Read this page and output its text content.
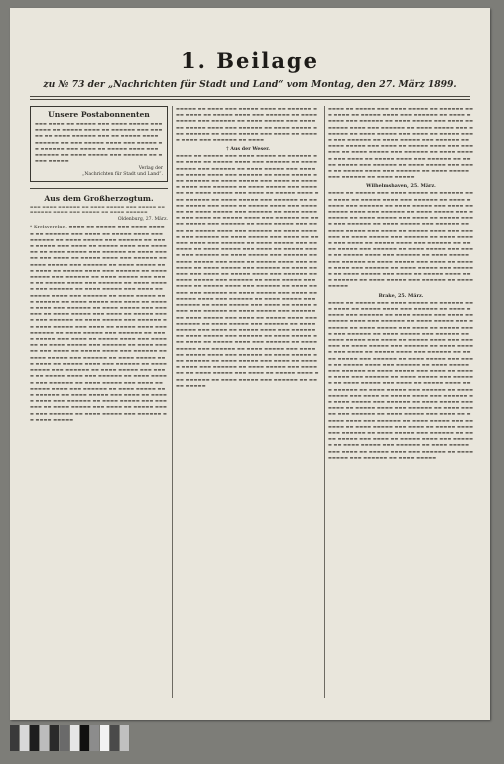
1. Beilage
zu № 73 der „Nachrichten für Stadt und Land“ vom Montag, den 27. März 1899.
Unsere Postabonnenten
▬▬▬ ▬▬▬▬ ▬▬ ▬▬▬▬▬ ▬▬▬ ▬▬▬▬ ▬▬▬▬▬ ▬▬▬ ▬▬▬▬ ▬▬ ▬▬▬▬▬ ▬▬▬▬ ▬▬ ▬▬▬▬▬▬ ▬▬▬ ▬▬▬▬▬ ▬▬ ▬▬▬▬ ▬▬▬▬▬▬ ▬▬▬ ▬▬ ▬▬▬▬▬ ▬▬▬▬ ▬▬▬▬▬▬ ▬▬ ▬▬▬ ▬▬▬▬▬ ▬▬▬▬ ▬▬▬ ▬▬▬▬▬ ▬▬ ▬▬▬▬▬▬ ▬▬▬ ▬▬▬▬ ▬▬ ▬▬▬▬▬ ▬▬▬▬ ▬▬▬ ▬▬▬▬▬▬ ▬▬ ▬▬▬▬ ▬▬▬▬▬ ▬▬▬ ▬▬▬▬▬▬ ▬▬ ▬▬▬▬ ▬▬▬▬▬
Verlag der
„Nachrichten für Stadt und Land“.
Aus dem Großherzogtum.
▬▬▬ ▬▬▬▬ ▬▬▬▬▬▬ ▬▬ ▬▬▬▬ ▬▬▬▬▬ ▬▬▬ ▬▬▬▬▬ ▬▬ ▬▬▬▬▬▬ ▬▬▬▬ ▬▬▬ ▬▬▬▬▬ ▬▬ ▬▬▬▬ ▬▬▬▬▬▬
Oldenburg, 27. März.
* Kreisvereine. ▬▬▬▬ ▬▬ ▬▬▬▬▬ ▬▬▬ ▬▬▬▬ ▬▬▬▬▬ ▬▬ ▬▬▬▬▬▬ ▬▬▬ ▬▬▬▬ ▬▬ ▬▬▬▬▬ ▬▬▬▬ ▬▬▬ ▬▬▬▬▬▬ ▬▬ ▬▬▬▬ ▬▬▬▬▬ ▬▬▬ ▬▬▬▬▬▬ ▬▬ ▬▬▬▬ ▬▬▬▬▬ ▬▬▬ ▬▬▬▬ ▬▬ ▬▬▬▬▬ ▬▬▬▬ ▬▬▬ ▬▬▬▬▬▬ ▬▬ ▬▬▬▬ ▬▬▬▬▬ ▬▬▬ ▬▬▬▬▬▬ ▬▬ ▬▬▬▬ ▬▬▬▬▬ ▬▬▬ ▬▬▬▬ ▬▬ ▬▬▬▬▬ ▬▬▬▬ ▬▬▬ ▬▬▬▬▬▬ ▬▬ ▬▬▬▬ ▬▬▬▬▬ ▬▬▬ ▬▬▬▬▬▬ ▬▬ ▬▬▬▬ ▬▬▬▬▬ ▬▬▬ ▬▬▬▬ ▬▬ ▬▬▬▬▬ ▬▬▬▬ ▬▬▬ ▬▬▬▬▬▬ ▬▬ ▬▬▬▬ ▬▬▬▬▬ ▬▬▬ ▬▬▬▬▬▬ ▬▬ ▬▬▬▬ ▬▬▬▬▬ ▬▬▬ ▬▬▬▬ ▬▬ ▬▬▬▬▬ ▬▬▬▬ ▬▬▬ ▬▬▬▬▬▬ ▬▬ ▬▬▬▬ ▬▬▬▬▬ ▬▬▬ ▬▬▬▬▬▬ ▬▬ ▬▬▬▬ ▬▬▬▬▬ ▬▬▬ ▬▬▬▬ ▬▬ ▬▬▬▬▬ ▬▬▬▬ ▬▬▬ ▬▬▬▬▬▬ ▬▬ ▬▬▬▬ ▬▬▬▬▬ ▬▬▬ ▬▬▬▬▬▬ ▬▬ ▬▬▬▬ ▬▬▬▬▬ ▬▬▬ ▬▬▬▬ ▬▬ ▬▬▬▬▬ ▬▬▬▬ ▬▬▬ ▬▬▬▬▬▬ ▬▬ ▬▬▬▬ ▬▬▬▬▬ ▬▬▬ ▬▬▬▬▬▬ ▬▬ ▬▬▬▬ ▬▬▬▬▬ ▬▬▬ ▬▬▬▬ ▬▬ ▬▬▬▬▬ ▬▬▬▬ ▬▬▬ ▬▬▬▬▬▬ ▬▬ ▬▬▬▬ ▬▬▬▬▬ ▬▬▬ ▬▬▬▬▬▬ ▬▬ ▬▬▬▬ ▬▬▬▬▬ ▬▬▬ ▬▬▬▬ ▬▬ ▬▬▬▬▬ ▬▬▬▬ ▬▬▬ ▬▬▬▬▬▬ ▬▬ ▬▬▬▬ ▬▬▬▬▬ ▬▬▬ ▬▬▬▬▬▬ ▬▬ ▬▬▬▬ ▬▬▬▬▬ ▬▬▬ ▬▬▬▬ ▬▬ ▬▬▬▬▬ ▬▬▬▬ ▬▬▬ ▬▬▬▬▬▬ ▬▬ ▬▬▬▬ ▬▬▬▬▬ ▬▬▬ ▬▬▬▬▬▬ ▬▬ ▬▬▬▬ ▬▬▬▬▬ ▬▬▬ ▬▬▬▬ ▬▬ ▬▬▬▬▬ ▬▬▬▬ ▬▬▬ ▬▬▬▬▬▬ ▬▬ ▬▬▬▬ ▬▬▬▬▬ ▬▬▬ ▬▬▬▬▬▬ ▬▬ ▬▬▬▬ ▬▬▬▬▬ ▬▬▬ ▬▬▬▬ ▬▬ ▬▬▬▬▬ ▬▬▬▬ ▬▬▬ ▬▬▬▬▬▬ ▬▬ ▬▬▬▬ ▬▬▬▬▬ ▬▬▬ ▬▬▬▬▬▬ ▬▬ ▬▬▬▬ ▬▬▬▬▬ ▬▬▬ ▬▬▬▬ ▬▬ ▬▬▬▬▬ ▬▬▬▬ ▬▬▬ ▬▬▬▬▬▬ ▬▬ ▬▬▬▬ ▬▬▬▬▬ ▬▬▬ ▬▬▬▬▬▬ ▬▬ ▬▬▬▬ ▬▬▬▬▬ ▬▬▬ ▬▬▬▬ ▬▬ ▬▬▬▬▬ ▬▬▬▬ ▬▬▬ ▬▬▬▬▬▬ ▬▬ ▬▬▬▬ ▬▬▬▬▬ ▬▬▬ ▬▬▬▬▬▬ ▬▬ ▬▬▬▬ ▬▬▬▬▬ ▬▬▬ ▬▬▬▬ ▬▬ ▬▬▬▬▬ ▬▬▬▬ ▬▬▬ ▬▬▬▬▬▬ ▬▬ ▬▬▬▬ ▬▬▬▬▬ ▬▬▬ ▬▬▬▬▬▬ ▬▬ ▬▬▬▬ ▬▬▬▬▬ ▬▬▬ ▬▬▬▬ ▬▬ ▬▬▬▬▬ ▬▬▬▬ ▬▬▬ ▬▬▬▬▬▬ ▬▬ ▬▬▬▬ ▬▬▬▬▬ ▬▬▬ ▬▬▬▬▬▬ ▬▬ ▬▬▬▬ ▬▬▬▬▬
▬▬▬▬▬ ▬▬ ▬▬▬▬ ▬▬▬ ▬▬▬▬▬ ▬▬▬▬ ▬▬ ▬▬▬▬▬▬ ▬▬▬ ▬▬▬▬ ▬▬ ▬▬▬▬▬ ▬▬▬▬ ▬▬▬ ▬▬▬▬▬▬ ▬▬ ▬▬▬▬ ▬▬▬▬▬ ▬▬▬ ▬▬▬▬▬▬ ▬▬ ▬▬▬▬ ▬▬▬▬▬ ▬▬▬ ▬▬▬▬ ▬▬ ▬▬▬▬▬ ▬▬▬▬ ▬▬▬ ▬▬▬▬▬▬ ▬▬ ▬▬▬▬ ▬▬▬▬▬ ▬▬▬ ▬▬▬▬▬▬ ▬▬ ▬▬▬▬ ▬▬▬▬▬ ▬▬▬ ▬▬▬▬ ▬▬ ▬▬▬▬▬ ▬▬▬▬ ▬▬▬ ▬▬▬▬▬▬ ▬▬ ▬▬▬▬
† Aus der Weser.
▬▬▬▬ ▬▬ ▬▬▬▬▬ ▬▬▬ ▬▬▬▬ ▬▬▬▬▬ ▬▬ ▬▬▬▬▬▬ ▬▬▬ ▬▬▬▬ ▬▬ ▬▬▬▬▬ ▬▬▬▬ ▬▬▬ ▬▬▬▬▬▬ ▬▬ ▬▬▬▬ ▬▬▬▬▬ ▬▬▬ ▬▬▬▬▬▬ ▬▬ ▬▬▬▬ ▬▬▬▬▬ ▬▬▬ ▬▬▬▬ ▬▬ ▬▬▬▬▬ ▬▬▬▬ ▬▬▬ ▬▬▬▬▬▬ ▬▬ ▬▬▬▬ ▬▬▬▬▬ ▬▬▬ ▬▬▬▬▬▬ ▬▬ ▬▬▬▬ ▬▬▬▬▬ ▬▬▬ ▬▬▬▬ ▬▬ ▬▬▬▬▬ ▬▬▬▬ ▬▬▬ ▬▬▬▬▬▬ ▬▬ ▬▬▬▬ ▬▬▬▬▬ ▬▬▬ ▬▬▬▬▬▬ ▬▬ ▬▬▬▬ ▬▬▬▬▬ ▬▬▬ ▬▬▬▬ ▬▬ ▬▬▬▬▬ ▬▬▬▬ ▬▬▬ ▬▬▬▬▬▬ ▬▬ ▬▬▬▬ ▬▬▬▬▬ ▬▬▬ ▬▬▬▬▬▬ ▬▬ ▬▬▬▬ ▬▬▬▬▬ ▬▬▬ ▬▬▬▬ ▬▬ ▬▬▬▬▬ ▬▬▬▬ ▬▬▬ ▬▬▬▬▬▬ ▬▬ ▬▬▬▬ ▬▬▬▬▬ ▬▬▬ ▬▬▬▬▬▬ ▬▬ ▬▬▬▬ ▬▬▬▬▬ ▬▬▬ ▬▬▬▬ ▬▬ ▬▬▬▬▬ ▬▬▬▬ ▬▬▬ ▬▬▬▬▬▬ ▬▬ ▬▬▬▬ ▬▬▬▬▬ ▬▬▬ ▬▬▬▬▬▬ ▬▬ ▬▬▬▬ ▬▬▬▬▬ ▬▬▬ ▬▬▬▬ ▬▬ ▬▬▬▬▬ ▬▬▬▬ ▬▬▬ ▬▬▬▬▬▬ ▬▬ ▬▬▬▬ ▬▬▬▬▬ ▬▬▬ ▬▬▬▬▬▬ ▬▬ ▬▬▬▬ ▬▬▬▬▬ ▬▬▬ ▬▬▬▬ ▬▬ ▬▬▬▬▬ ▬▬▬▬ ▬▬▬ ▬▬▬▬▬▬ ▬▬ ▬▬▬▬ ▬▬▬▬▬ ▬▬▬ ▬▬▬▬▬▬ ▬▬ ▬▬▬▬ ▬▬▬▬▬ ▬▬▬ ▬▬▬▬ ▬▬ ▬▬▬▬▬ ▬▬▬▬ ▬▬▬ ▬▬▬▬▬▬ ▬▬ ▬▬▬▬ ▬▬▬▬▬ ▬▬▬ ▬▬▬▬▬▬ ▬▬ ▬▬▬▬ ▬▬▬▬▬ ▬▬▬ ▬▬▬▬ ▬▬ ▬▬▬▬▬ ▬▬▬▬ ▬▬▬ ▬▬▬▬▬▬ ▬▬ ▬▬▬▬ ▬▬▬▬▬ ▬▬▬ ▬▬▬▬▬▬ ▬▬ ▬▬▬▬ ▬▬▬▬▬ ▬▬▬ ▬▬▬▬ ▬▬ ▬▬▬▬▬ ▬▬▬▬ ▬▬▬ ▬▬▬▬▬▬ ▬▬ ▬▬▬▬ ▬▬▬▬▬ ▬▬▬ ▬▬▬▬▬▬ ▬▬ ▬▬▬▬ ▬▬▬▬▬ ▬▬▬ ▬▬▬▬ ▬▬ ▬▬▬▬▬ ▬▬▬▬ ▬▬▬ ▬▬▬▬▬▬ ▬▬ ▬▬▬▬ ▬▬▬▬▬ ▬▬▬ ▬▬▬▬▬▬ ▬▬ ▬▬▬▬ ▬▬▬▬▬ ▬▬▬ ▬▬▬▬ ▬▬ ▬▬▬▬▬ ▬▬▬▬ ▬▬▬ ▬▬▬▬▬▬ ▬▬ ▬▬▬▬ ▬▬▬▬▬ ▬▬▬ ▬▬▬▬▬▬ ▬▬ ▬▬▬▬ ▬▬▬▬▬ ▬▬▬ ▬▬▬▬ ▬▬ ▬▬▬▬▬ ▬▬▬▬ ▬▬▬ ▬▬▬▬▬▬ ▬▬ ▬▬▬▬ ▬▬▬▬▬ ▬▬▬ ▬▬▬▬▬▬ ▬▬ ▬▬▬▬ ▬▬▬▬▬ ▬▬▬ ▬▬▬▬ ▬▬ ▬▬▬▬▬ ▬▬▬▬ ▬▬▬ ▬▬▬▬▬▬ ▬▬ ▬▬▬▬ ▬▬▬▬▬ ▬▬▬ ▬▬▬▬▬▬ ▬▬ ▬▬▬▬ ▬▬▬▬▬ ▬▬▬ ▬▬▬▬ ▬▬ ▬▬▬▬▬ ▬▬▬▬ ▬▬▬ ▬▬▬▬▬▬ ▬▬ ▬▬▬▬ ▬▬▬▬▬ ▬▬▬ ▬▬▬▬▬▬ ▬▬ ▬▬▬▬ ▬▬▬▬▬ ▬▬▬ ▬▬▬▬ ▬▬ ▬▬▬▬▬ ▬▬▬▬ ▬▬▬ ▬▬▬▬▬▬ ▬▬ ▬▬▬▬ ▬▬▬▬▬ ▬▬▬ ▬▬▬▬▬▬ ▬▬ ▬▬▬▬ ▬▬▬▬▬ ▬▬▬ ▬▬▬▬ ▬▬ ▬▬▬▬▬ ▬▬▬▬ ▬▬▬ ▬▬▬▬▬▬ ▬▬ ▬▬▬▬ ▬▬▬▬▬ ▬▬▬ ▬▬▬▬▬▬ ▬▬ ▬▬▬▬ ▬▬▬▬▬ ▬▬▬ ▬▬▬▬ ▬▬ ▬▬▬▬▬ ▬▬▬▬ ▬▬▬ ▬▬▬▬▬▬ ▬▬ ▬▬▬▬ ▬▬▬▬▬ ▬▬▬ ▬▬▬▬▬▬ ▬▬ ▬▬▬▬ ▬▬▬▬▬ ▬▬▬ ▬▬▬▬ ▬▬ ▬▬▬▬▬ ▬▬▬▬ ▬▬▬ ▬▬▬▬▬▬ ▬▬ ▬▬▬▬ ▬▬▬▬▬ ▬▬▬ ▬▬▬▬▬▬ ▬▬ ▬▬▬▬ ▬▬▬▬▬
▬▬▬▬ ▬▬ ▬▬▬▬▬ ▬▬▬ ▬▬▬▬ ▬▬▬▬▬ ▬▬ ▬▬▬▬▬▬ ▬▬▬ ▬▬▬▬ ▬▬ ▬▬▬▬▬ ▬▬▬▬ ▬▬▬ ▬▬▬▬▬▬ ▬▬ ▬▬▬▬ ▬▬▬▬▬ ▬▬▬ ▬▬▬▬▬▬ ▬▬ ▬▬▬▬ ▬▬▬▬▬ ▬▬▬ ▬▬▬▬ ▬▬ ▬▬▬▬▬ ▬▬▬▬ ▬▬▬ ▬▬▬▬▬▬ ▬▬ ▬▬▬▬ ▬▬▬▬▬ ▬▬▬ ▬▬▬▬▬▬ ▬▬ ▬▬▬▬ ▬▬▬▬▬ ▬▬▬ ▬▬▬▬ ▬▬ ▬▬▬▬▬ ▬▬▬▬ ▬▬▬ ▬▬▬▬▬▬ ▬▬ ▬▬▬▬ ▬▬▬▬▬ ▬▬▬ ▬▬▬▬▬▬ ▬▬ ▬▬▬▬ ▬▬▬▬▬ ▬▬▬ ▬▬▬▬ ▬▬ ▬▬▬▬▬ ▬▬▬▬ ▬▬▬ ▬▬▬▬▬▬ ▬▬ ▬▬▬▬ ▬▬▬▬▬ ▬▬▬ ▬▬▬▬▬▬ ▬▬ ▬▬▬▬ ▬▬▬▬▬ ▬▬▬ ▬▬▬▬ ▬▬ ▬▬▬▬▬ ▬▬▬▬ ▬▬▬ ▬▬▬▬▬▬ ▬▬ ▬▬▬▬ ▬▬▬▬▬ ▬▬▬ ▬▬▬▬▬▬ ▬▬ ▬▬▬▬ ▬▬▬▬▬ ▬▬▬ ▬▬▬▬ ▬▬ ▬▬▬▬▬ ▬▬▬▬ ▬▬▬ ▬▬▬▬▬▬ ▬▬ ▬▬▬▬ ▬▬▬▬▬ ▬▬▬ ▬▬▬▬▬▬ ▬▬ ▬▬▬▬ ▬▬▬▬▬
Wilhelmshaven, 25. März.
▬▬▬▬ ▬▬ ▬▬▬▬▬ ▬▬▬ ▬▬▬▬ ▬▬▬▬▬ ▬▬ ▬▬▬▬▬▬ ▬▬▬ ▬▬▬▬ ▬▬ ▬▬▬▬▬ ▬▬▬▬ ▬▬▬ ▬▬▬▬▬▬ ▬▬ ▬▬▬▬ ▬▬▬▬▬ ▬▬▬ ▬▬▬▬▬▬ ▬▬ ▬▬▬▬ ▬▬▬▬▬ ▬▬▬ ▬▬▬▬ ▬▬ ▬▬▬▬▬ ▬▬▬▬ ▬▬▬ ▬▬▬▬▬▬ ▬▬ ▬▬▬▬ ▬▬▬▬▬ ▬▬▬ ▬▬▬▬▬▬ ▬▬ ▬▬▬▬ ▬▬▬▬▬ ▬▬▬ ▬▬▬▬ ▬▬ ▬▬▬▬▬ ▬▬▬▬ ▬▬▬ ▬▬▬▬▬▬ ▬▬ ▬▬▬▬ ▬▬▬▬▬ ▬▬▬ ▬▬▬▬▬▬ ▬▬ ▬▬▬▬ ▬▬▬▬▬ ▬▬▬ ▬▬▬▬ ▬▬ ▬▬▬▬▬ ▬▬▬▬ ▬▬▬ ▬▬▬▬▬▬ ▬▬ ▬▬▬▬ ▬▬▬▬▬ ▬▬▬ ▬▬▬▬▬▬ ▬▬ ▬▬▬▬ ▬▬▬▬▬ ▬▬▬ ▬▬▬▬ ▬▬ ▬▬▬▬▬ ▬▬▬▬ ▬▬▬ ▬▬▬▬▬▬ ▬▬ ▬▬▬▬ ▬▬▬▬▬ ▬▬▬ ▬▬▬▬▬▬ ▬▬ ▬▬▬▬ ▬▬▬▬▬ ▬▬▬ ▬▬▬▬ ▬▬ ▬▬▬▬▬ ▬▬▬▬ ▬▬▬ ▬▬▬▬▬▬ ▬▬ ▬▬▬▬ ▬▬▬▬▬ ▬▬▬ ▬▬▬▬▬▬ ▬▬ ▬▬▬▬ ▬▬▬▬▬ ▬▬▬ ▬▬▬▬ ▬▬ ▬▬▬▬▬ ▬▬▬▬ ▬▬▬ ▬▬▬▬▬▬ ▬▬ ▬▬▬▬ ▬▬▬▬▬ ▬▬▬ ▬▬▬▬▬▬ ▬▬ ▬▬▬▬ ▬▬▬▬▬ ▬▬▬ ▬▬▬▬ ▬▬ ▬▬▬▬▬ ▬▬▬▬ ▬▬▬ ▬▬▬▬▬▬ ▬▬ ▬▬▬▬ ▬▬▬▬▬ ▬▬▬ ▬▬▬▬▬▬ ▬▬ ▬▬▬▬ ▬▬▬▬▬
Brake, 25. März.
▬▬▬▬ ▬▬ ▬▬▬▬▬ ▬▬▬ ▬▬▬▬ ▬▬▬▬▬ ▬▬ ▬▬▬▬▬▬ ▬▬▬ ▬▬▬▬ ▬▬ ▬▬▬▬▬ ▬▬▬▬ ▬▬▬ ▬▬▬▬▬▬ ▬▬ ▬▬▬▬ ▬▬▬▬▬ ▬▬▬ ▬▬▬▬▬▬ ▬▬ ▬▬▬▬ ▬▬▬▬▬ ▬▬▬ ▬▬▬▬ ▬▬ ▬▬▬▬▬ ▬▬▬▬ ▬▬▬ ▬▬▬▬▬▬ ▬▬ ▬▬▬▬ ▬▬▬▬▬ ▬▬▬ ▬▬▬▬▬▬ ▬▬ ▬▬▬▬ ▬▬▬▬▬ ▬▬▬ ▬▬▬▬ ▬▬ ▬▬▬▬▬ ▬▬▬▬ ▬▬▬ ▬▬▬▬▬▬ ▬▬ ▬▬▬▬ ▬▬▬▬▬ ▬▬▬ ▬▬▬▬▬▬ ▬▬ ▬▬▬▬ ▬▬▬▬▬ ▬▬▬ ▬▬▬▬ ▬▬ ▬▬▬▬▬ ▬▬▬▬ ▬▬▬ ▬▬▬▬▬▬ ▬▬ ▬▬▬▬ ▬▬▬▬▬ ▬▬▬ ▬▬▬▬▬▬ ▬▬ ▬▬▬▬ ▬▬▬▬▬ ▬▬▬ ▬▬▬▬ ▬▬ ▬▬▬▬▬ ▬▬▬▬ ▬▬▬ ▬▬▬▬▬▬ ▬▬ ▬▬▬▬ ▬▬▬▬▬ ▬▬▬ ▬▬▬▬▬▬ ▬▬ ▬▬▬▬ ▬▬▬▬▬ ▬▬▬ ▬▬▬▬ ▬▬ ▬▬▬▬▬ ▬▬▬▬ ▬▬▬ ▬▬▬▬▬▬ ▬▬ ▬▬▬▬ ▬▬▬▬▬ ▬▬▬ ▬▬▬▬▬▬ ▬▬ ▬▬▬▬ ▬▬▬▬▬ ▬▬▬ ▬▬▬▬ ▬▬ ▬▬▬▬▬ ▬▬▬▬ ▬▬▬ ▬▬▬▬▬▬ ▬▬ ▬▬▬▬ ▬▬▬▬▬ ▬▬▬ ▬▬▬▬▬▬ ▬▬ ▬▬▬▬ ▬▬▬▬▬ ▬▬▬ ▬▬▬▬ ▬▬ ▬▬▬▬▬ ▬▬▬▬ ▬▬▬ ▬▬▬▬▬▬ ▬▬ ▬▬▬▬ ▬▬▬▬▬ ▬▬▬ ▬▬▬▬▬▬ ▬▬ ▬▬▬▬ ▬▬▬▬▬ ▬▬▬ ▬▬▬▬ ▬▬ ▬▬▬▬▬ ▬▬▬▬ ▬▬▬ ▬▬▬▬▬▬ ▬▬ ▬▬▬▬ ▬▬▬▬▬ ▬▬▬ ▬▬▬▬▬▬ ▬▬ ▬▬▬▬ ▬▬▬▬▬ ▬▬▬ ▬▬▬▬ ▬▬ ▬▬▬▬▬ ▬▬▬▬ ▬▬▬ ▬▬▬▬▬▬ ▬▬ ▬▬▬▬ ▬▬▬▬▬ ▬▬▬ ▬▬▬▬▬▬ ▬▬ ▬▬▬▬ ▬▬▬▬▬ ▬▬▬ ▬▬▬▬ ▬▬ ▬▬▬▬▬ ▬▬▬▬ ▬▬▬ ▬▬▬▬▬▬ ▬▬ ▬▬▬▬ ▬▬▬▬▬ ▬▬▬ ▬▬▬▬▬▬ ▬▬ ▬▬▬▬ ▬▬▬▬▬ ▬▬▬ ▬▬▬▬ ▬▬ ▬▬▬▬▬ ▬▬▬▬ ▬▬▬ ▬▬▬▬▬▬ ▬▬ ▬▬▬▬ ▬▬▬▬▬ ▬▬▬ ▬▬▬▬▬▬ ▬▬ ▬▬▬▬ ▬▬▬▬▬ ▬▬▬ ▬▬▬▬ ▬▬ ▬▬▬▬▬ ▬▬▬▬ ▬▬▬ ▬▬▬▬▬▬ ▬▬ ▬▬▬▬ ▬▬▬▬▬ ▬▬▬ ▬▬▬▬▬▬ ▬▬ ▬▬▬▬ ▬▬▬▬▬ ▬▬▬ ▬▬▬▬ ▬▬ ▬▬▬▬▬ ▬▬▬▬ ▬▬▬ ▬▬▬▬▬▬ ▬▬ ▬▬▬▬ ▬▬▬▬▬ ▬▬▬ ▬▬▬▬▬▬ ▬▬ ▬▬▬▬ ▬▬▬▬▬
